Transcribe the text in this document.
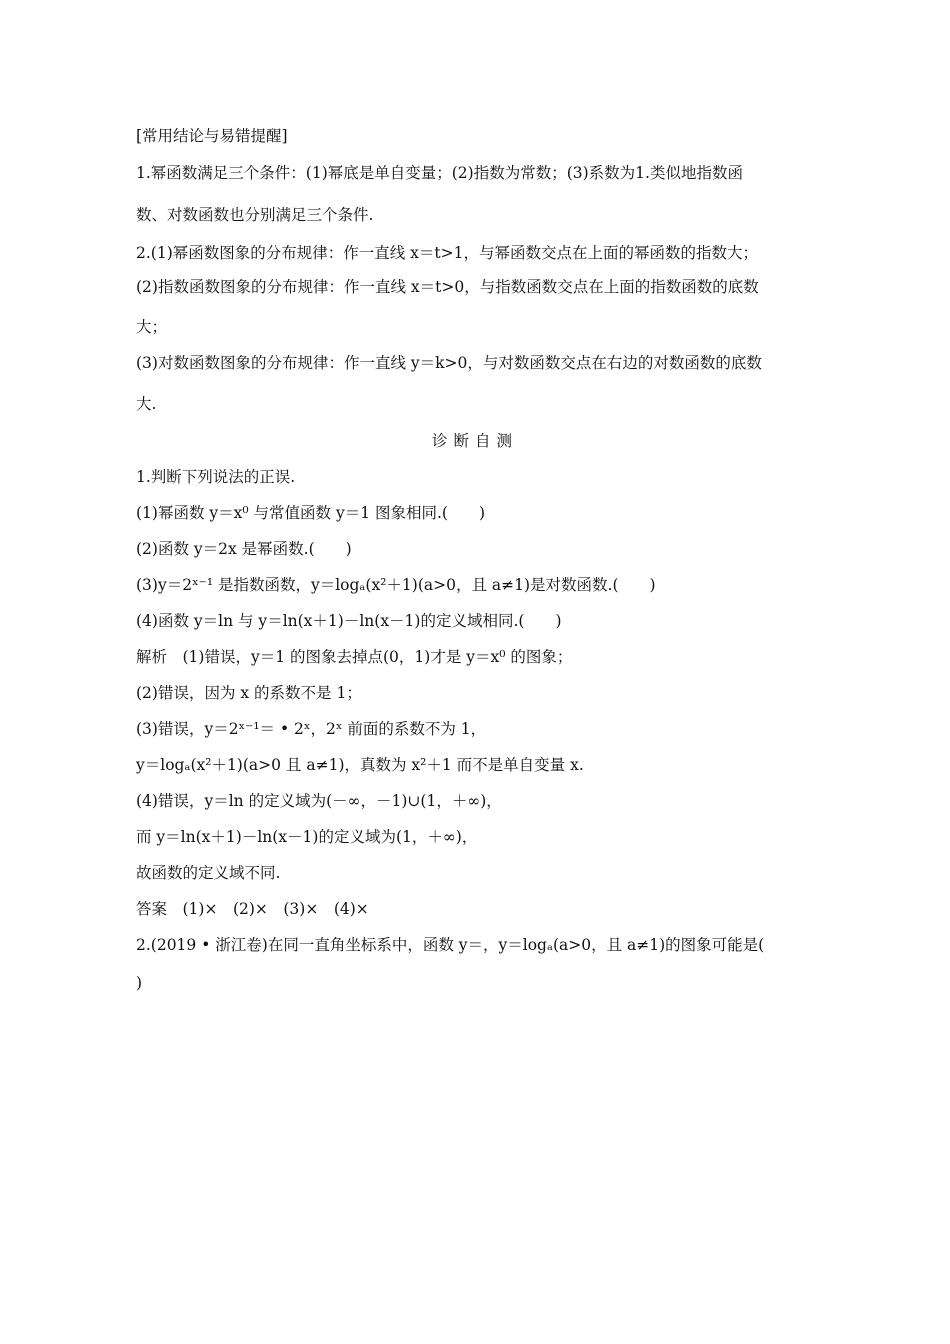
[常用结论与易错提醒]
1.幂函数满足三个条件：(1)幂底是单自变量；(2)指数为常数；(3)系数为1.类似地指数函
数、对数函数也分别满足三个条件.
2.(1)幂函数图象的分布规律：作一直线 x＝t>1，与幂函数交点在上面的幂函数的指数大；
(2)指数函数图象的分布规律：作一直线 x＝t>0，与指数函数交点在上面的指数函数的底数
大；
(3)对数函数图象的分布规律：作一直线 y＝k>0，与对数函数交点在右边的对数函数的底数
大.
诊断自测
1.判断下列说法的正误.
(1)幂函数 y＝x⁰ 与常值函数 y＝1 图象相同.(　　)
(2)函数 y＝2x 是幂函数.(　　)
(3)y＝2ˣ⁻¹ 是指数函数，y＝logₐ(x²＋1)(a>0，且 a≠1)是对数函数.(　　)
(4)函数 y＝ln 与 y＝ln(x＋1)－ln(x－1)的定义域相同.(　　)
解析　(1)错误，y＝1 的图象去掉点(0，1)才是 y＝x⁰ 的图象；
(2)错误，因为 x 的系数不是 1；
(3)错误，y＝2ˣ⁻¹＝ • 2ˣ，2ˣ 前面的系数不为 1，
y＝logₐ(x²＋1)(a>0 且 a≠1)，真数为 x²＋1 而不是单自变量 x.
(4)错误，y＝ln 的定义域为(－∞，－1)∪(1，＋∞)，
而 y＝ln(x＋1)－ln(x－1)的定义域为(1，＋∞)，
故函数的定义域不同.
答案　(1)×　(2)×　(3)×　(4)×
2.(2019 • 浙江卷)在同一直角坐标系中，函数 y＝，y＝logₐ(a>0，且 a≠1)的图象可能是(
)
